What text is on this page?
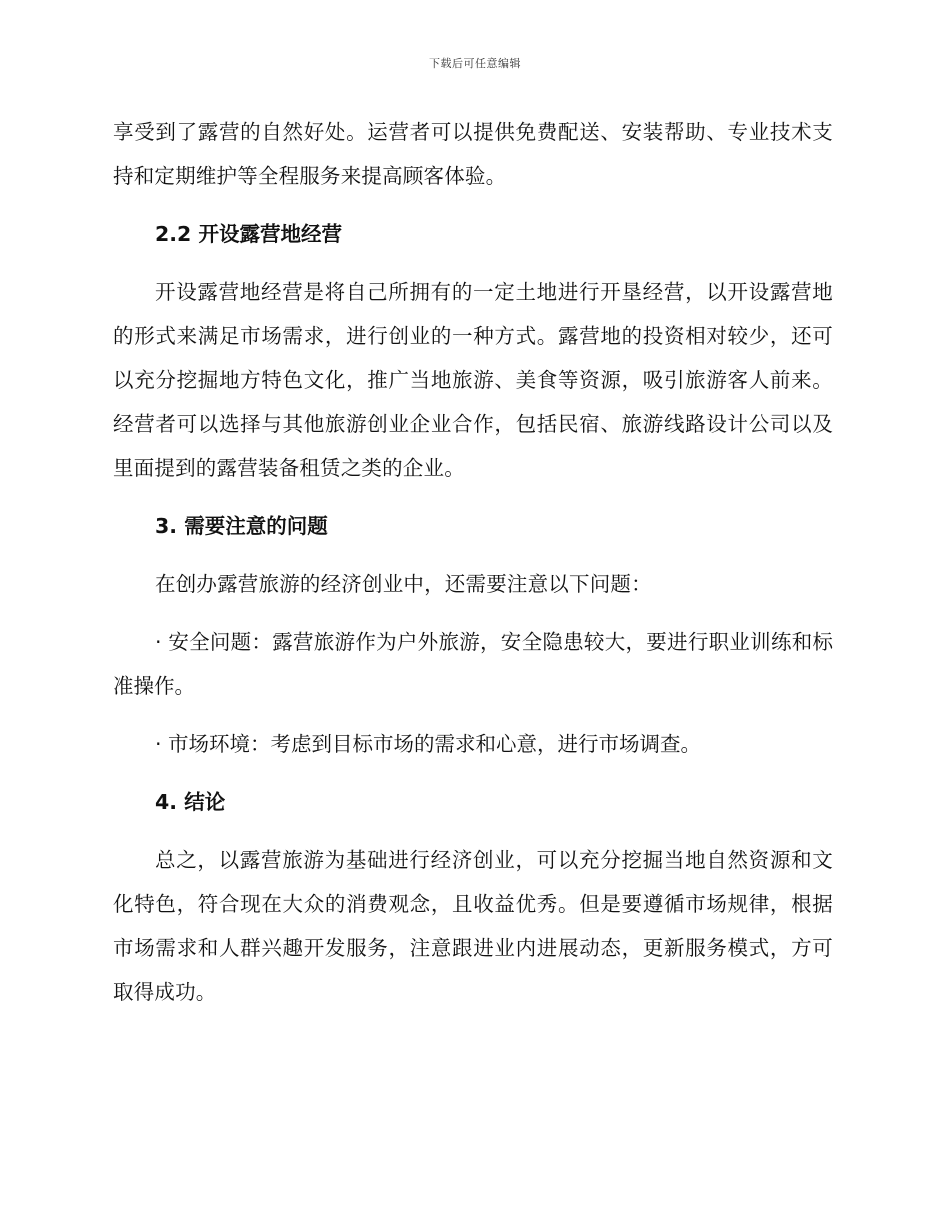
下载后可任意编辑

享受到了露营的自然好处。运营者可以提供免费配送、安装帮助、专业技术支持和定期维护等全程服务来提高顾客体验。

2.2 开设露营地经营

开设露营地经营是将自己所拥有的一定土地进行开垦经营，以开设露营地的形式来满足市场需求，进行创业的一种方式。露营地的投资相对较少，还可以充分挖掘地方特色文化，推广当地旅游、美食等资源，吸引旅游客人前来。经营者可以选择与其他旅游创业企业合作，包括民宿、旅游线路设计公司以及里面提到的露营装备租赁之类的企业。

3. 需要注意的问题

在创办露营旅游的经济创业中，还需要注意以下问题：

· 安全问题：露营旅游作为户外旅游，安全隐患较大，要进行职业训练和标准操作。

· 市场环境：考虑到目标市场的需求和心意，进行市场调查。

4. 结论

总之，以露营旅游为基础进行经济创业，可以充分挖掘当地自然资源和文化特色，符合现在大众的消费观念，且收益优秀。但是要遵循市场规律，根据市场需求和人群兴趣开发服务，注意跟进业内进展动态，更新服务模式，方可取得成功。
